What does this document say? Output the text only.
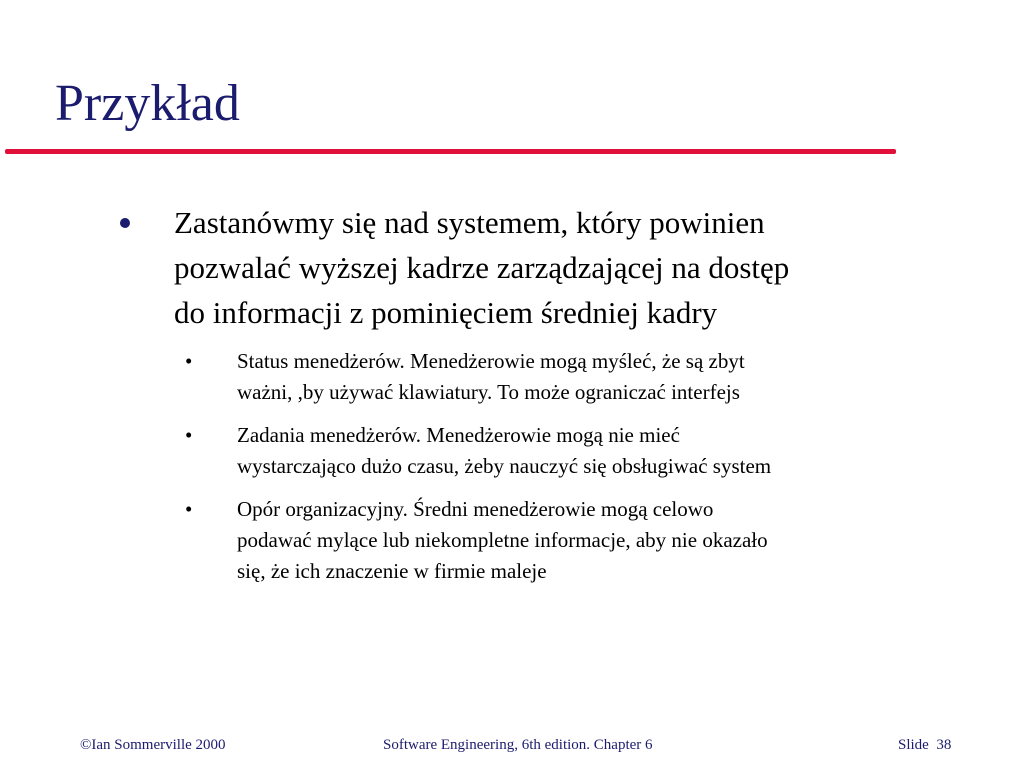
Przykład
Zastanówmy się nad systemem, który powinien
pozwalać wyższej kadrze zarządzającej na dostęp
do informacji z pominięciem średniej kadry
• Status menedżerów. Menedżerowie mogą myśleć, że są zbyt
ważni, ,by używać klawiatury. To może ograniczać interfejs
• Zadania menedżerów. Menedżerowie mogą nie mieć
wystarczająco dużo czasu, żeby nauczyć się obsługiwać system
• Opór organizacyjny. Średni menedżerowie mogą celowo
podawać mylące lub niekompletne informacje, aby nie okazało
się, że ich znaczenie w firmie maleje
©Ian Sommerville 2000	Software Engineering, 6th edition. Chapter 6	Slide  38
